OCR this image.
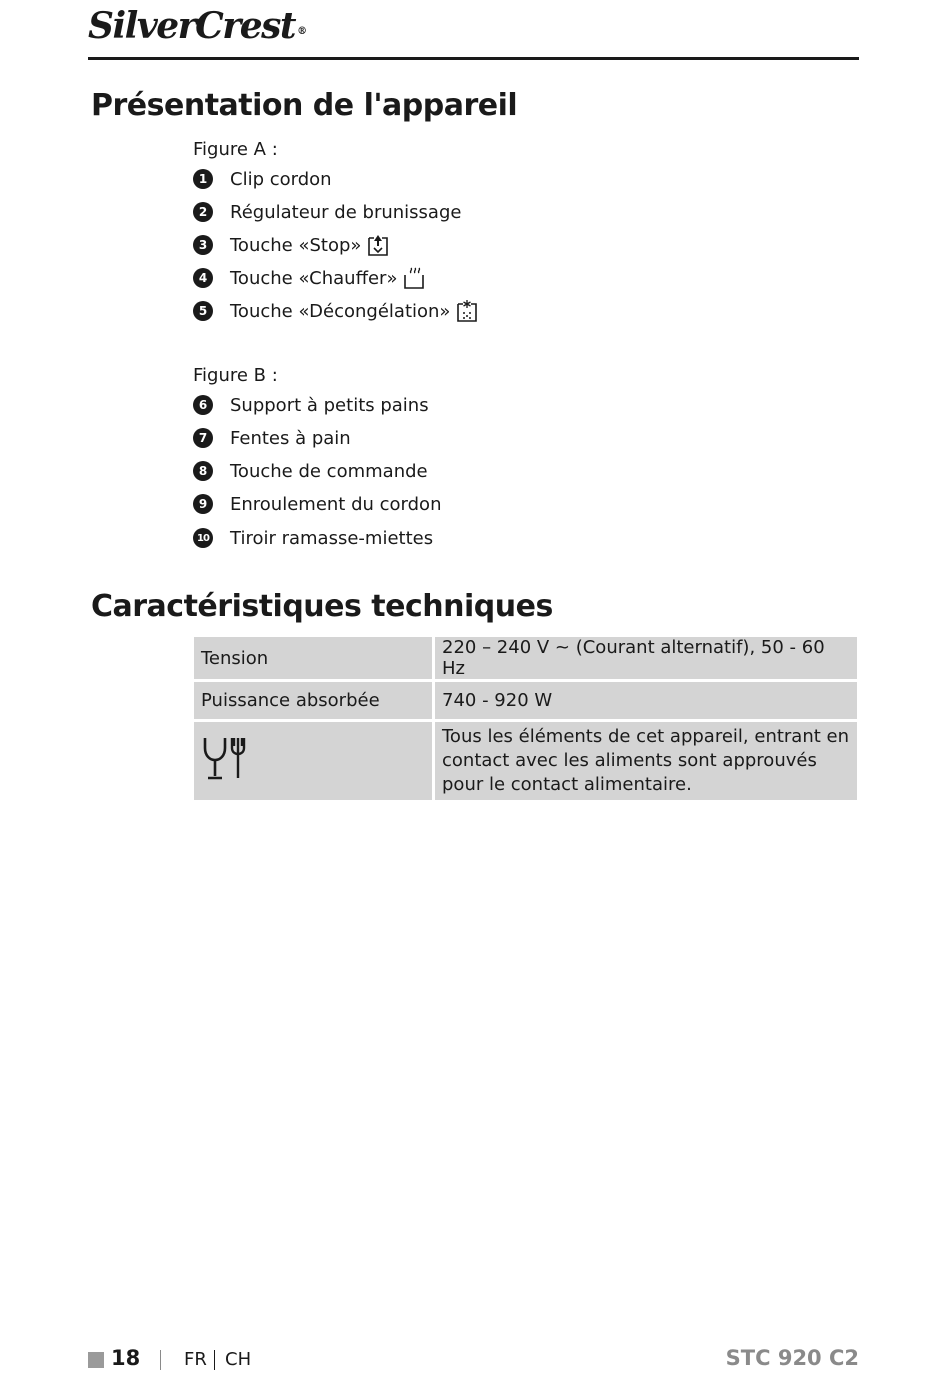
SilverCrest ®
Présentation de l'appareil
Figure A :
1	Clip cordon
2	Régulateur de brunissage
3	Touche «Stop»
4	Touche «Chauffer»
5	Touche «Décongélation»
Figure B :
6	Support à petits pains
7	Fentes à pain
8	Touche de commande
9	Enroulement du cordon
10 Tiroir ramasse-miettes
Caractéristiques techniques
Tension	220 – 240 V ~ (Courant alternatif), 50 - 60 Hz
Puissance absorbée	740 - 920 W
	Tous les éléments de cet appareil, entrant en contact avec les aliments sont approuvés pour le contact alimentaire.
18 FR CH	STC 920 C2
